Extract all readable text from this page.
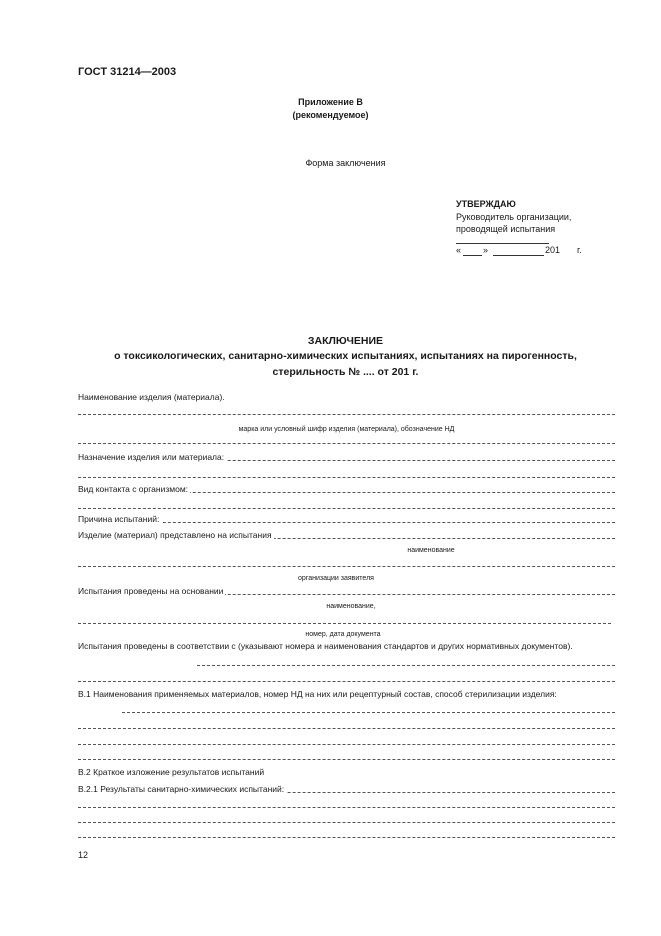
ГОСТ 31214—2003
Приложение В
(рекомендуемое)
Форма заключения
УТВЕРЖДАЮ
Руководитель организации,
проводящей испытания
« »	201 г.
ЗАКЛЮЧЕНИЕ
о токсикологических, санитарно-химических испытаниях, испытаниях на пирогенность,
стерильность № .... от 201 г.
Наименование изделия (материала).
марка или условный шифр изделия (материала), обозначение НД
Назначение изделия или материала:
Вид контакта с организмом:
Причина испытаний:
Изделие (материал) представлено на испытания
наименование
организации заявителя
Испытания проведены на основании
наименование,
номер, дата документа
Испытания проведены в соответствии с (указывают номера и наименования стандартов и других нормативных документов).
В.1 Наименования применяемых материалов, номер НД на них или рецептурный состав, способ стерилизации изделия:
В.2 Краткое изложение результатов испытаний
В.2.1 Результаты санитарно-химических испытаний:
12
